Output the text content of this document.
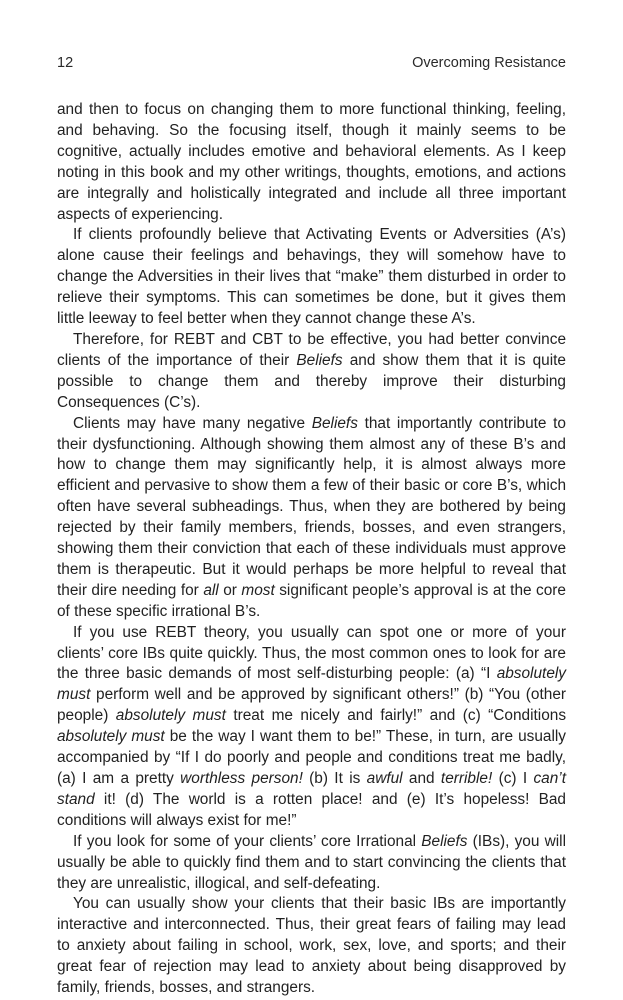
12	Overcoming Resistance

and then to focus on changing them to more functional thinking, feeling, and behaving. So the focusing itself, though it mainly seems to be cognitive, actually includes emotive and behavioral elements. As I keep noting in this book and my other writings, thoughts, emotions, and actions are integrally and holistically integrated and include all three important aspects of experiencing.

If clients profoundly believe that Activating Events or Adversities (A’s) alone cause their feelings and behavings, they will somehow have to change the Adversities in their lives that “make” them disturbed in order to relieve their symptoms. This can sometimes be done, but it gives them little leeway to feel better when they cannot change these A’s.

Therefore, for REBT and CBT to be effective, you had better convince clients of the importance of their Beliefs and show them that it is quite possible to change them and thereby improve their disturbing Consequences (C’s).

Clients may have many negative Beliefs that importantly contribute to their dysfunctioning. Although showing them almost any of these B’s and how to change them may significantly help, it is almost always more efficient and pervasive to show them a few of their basic or core B’s, which often have several subheadings. Thus, when they are bothered by being rejected by their family members, friends, bosses, and even strangers, showing them their conviction that each of these individuals must approve them is therapeutic. But it would perhaps be more helpful to reveal that their dire needing for all or most significant people’s approval is at the core of these specific irrational B’s.

If you use REBT theory, you usually can spot one or more of your clients’ core IBs quite quickly. Thus, the most common ones to look for are the three basic demands of most self-disturbing people: (a) “I absolutely must perform well and be approved by significant others!” (b) “You (other people) absolutely must treat me nicely and fairly!” and (c) “Conditions absolutely must be the way I want them to be!” These, in turn, are usually accompanied by “If I do poorly and people and conditions treat me badly, (a) I am a pretty worthless person! (b) It is awful and terrible! (c) I can’t stand it! (d) The world is a rotten place! and (e) It’s hopeless! Bad conditions will always exist for me!”

If you look for some of your clients’ core Irrational Beliefs (IBs), you will usually be able to quickly find them and to start convincing the clients that they are unrealistic, illogical, and self-defeating.

You can usually show your clients that their basic IBs are importantly interactive and interconnected. Thus, their great fears of failing may lead to anxiety about failing in school, work, sex, love, and sports; and their great fear of rejection may lead to anxiety about being disapproved by family, friends, bosses, and strangers.
